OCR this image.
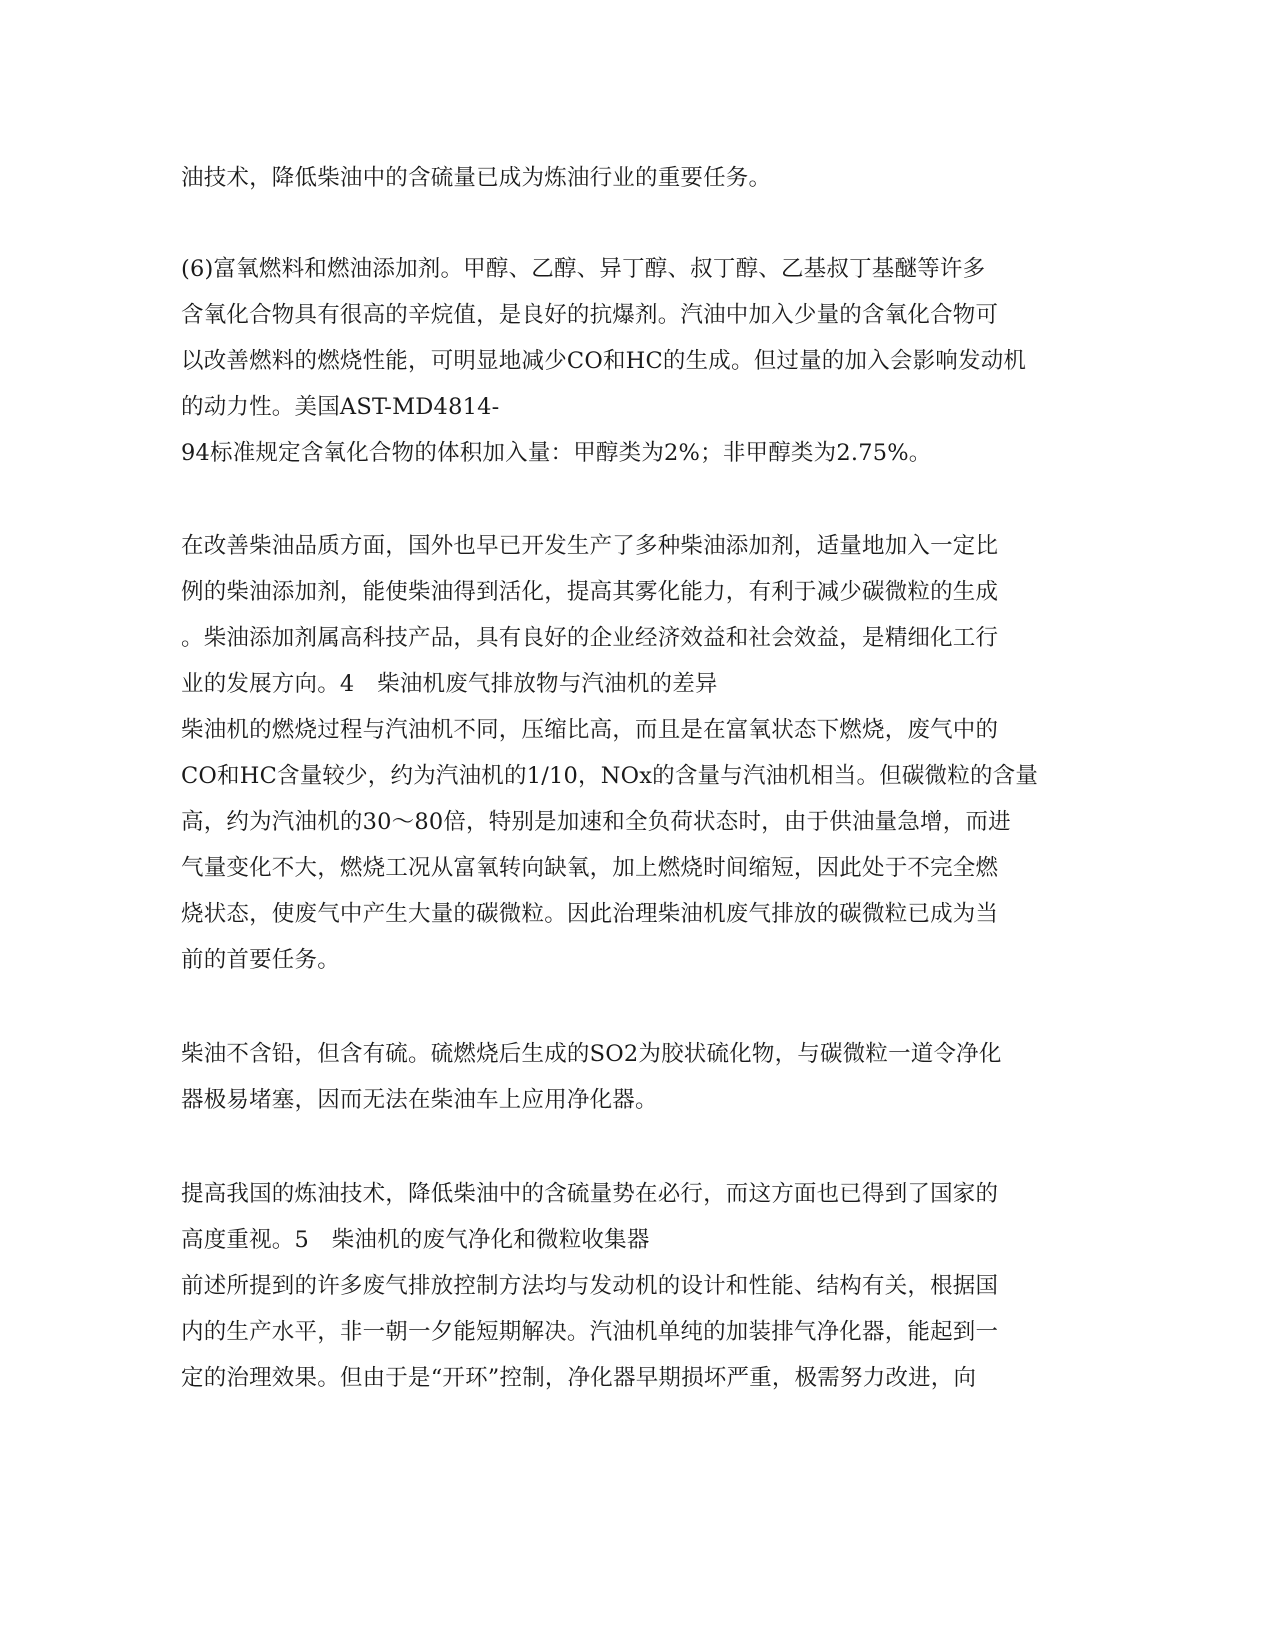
油技术，降低柴油中的含硫量已成为炼油行业的重要任务。
(6)富氧燃料和燃油添加剂。甲醇、乙醇、异丁醇、叔丁醇、乙基叔丁基醚等许多
含氧化合物具有很高的辛烷值，是良好的抗爆剂。汽油中加入少量的含氧化合物可
以改善燃料的燃烧性能，可明显地减少CO和HC的生成。但过量的加入会影响发动机
的动力性。美国AST-MD4814-
94标准规定含氧化合物的体积加入量：甲醇类为2%；非甲醇类为2.75%。
在改善柴油品质方面，国外也早已开发生产了多种柴油添加剂，适量地加入一定比
例的柴油添加剂，能使柴油得到活化，提高其雾化能力，有利于减少碳微粒的生成
。柴油添加剂属高科技产品，具有良好的企业经济效益和社会效益，是精细化工行
业的发展方向。4　柴油机废气排放物与汽油机的差异
柴油机的燃烧过程与汽油机不同，压缩比高，而且是在富氧状态下燃烧，废气中的
CO和HC含量较少，约为汽油机的1/10，NOx的含量与汽油机相当。但碳微粒的含量
高，约为汽油机的30～80倍，特别是加速和全负荷状态时，由于供油量急增，而进
气量变化不大，燃烧工况从富氧转向缺氧，加上燃烧时间缩短，因此处于不完全燃
烧状态，使废气中产生大量的碳微粒。因此治理柴油机废气排放的碳微粒已成为当
前的首要任务。
柴油不含铅，但含有硫。硫燃烧后生成的SO2为胶状硫化物，与碳微粒一道令净化
器极易堵塞，因而无法在柴油车上应用净化器。
提高我国的炼油技术，降低柴油中的含硫量势在必行，而这方面也已得到了国家的
高度重视。5　柴油机的废气净化和微粒收集器
前述所提到的许多废气排放控制方法均与发动机的设计和性能、结构有关，根据国
内的生产水平，非一朝一夕能短期解决。汽油机单纯的加装排气净化器，能起到一
定的治理效果。但由于是“开环”控制，净化器早期损坏严重，极需努力改进，向
